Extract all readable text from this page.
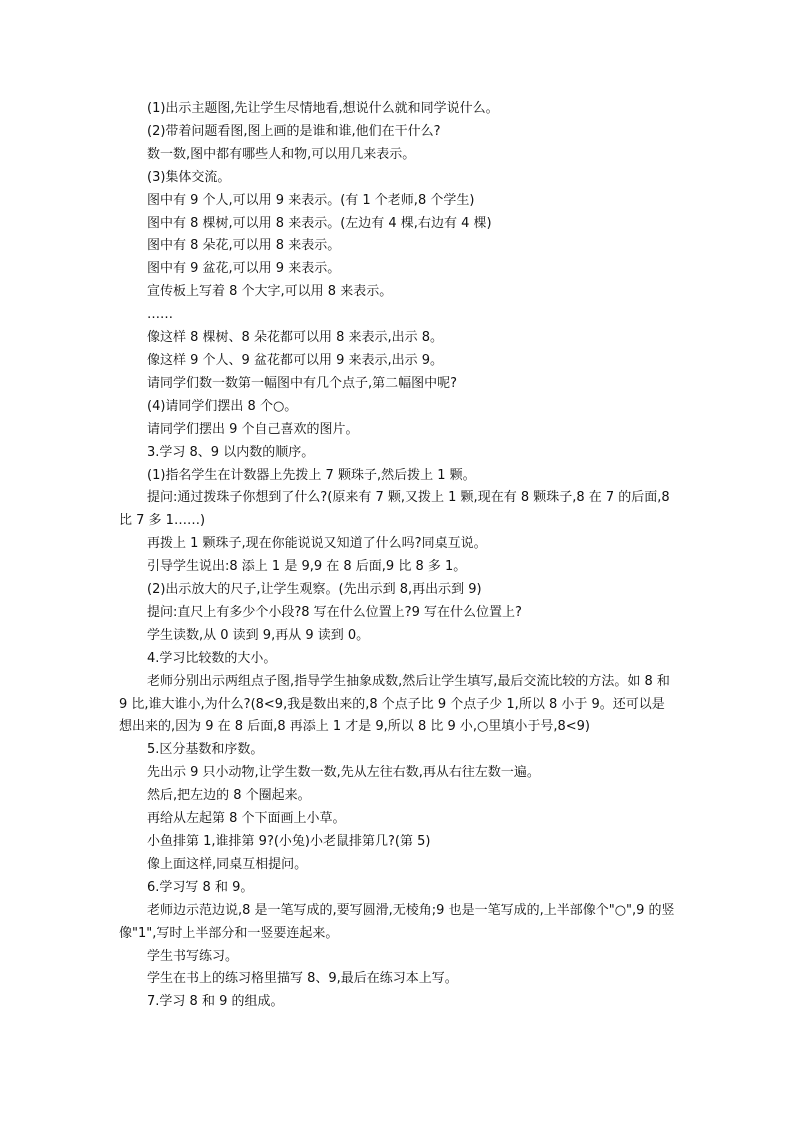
(1)出示主题图,先让学生尽情地看,想说什么就和同学说什么。
(2)带着问题看图,图上画的是谁和谁,他们在干什么?
数一数,图中都有哪些人和物,可以用几来表示。
(3)集体交流。
图中有 9 个人,可以用 9 来表示。(有 1 个老师,8 个学生)
图中有 8 棵树,可以用 8 来表示。(左边有 4 棵,右边有 4 棵)
图中有 8 朵花,可以用 8 来表示。
图中有 9 盆花,可以用 9 来表示。
宣传板上写着 8 个大字,可以用 8 来表示。
……
像这样 8 棵树、8 朵花都可以用 8 来表示,出示 8。
像这样 9 个人、9 盆花都可以用 9 来表示,出示 9。
请同学们数一数第一幅图中有几个点子,第二幅图中呢?
(4)请同学们摆出 8 个○。
请同学们摆出 9 个自己喜欢的图片。
3.学习 8、9 以内数的顺序。
(1)指名学生在计数器上先拨上 7 颗珠子,然后拨上 1 颗。
提问:通过拨珠子你想到了什么?(原来有 7 颗,又拨上 1 颗,现在有 8 颗珠子,8 在 7 的后面,8 比 7 多 1……)
再拨上 1 颗珠子,现在你能说说又知道了什么吗?同桌互说。
引导学生说出:8 添上 1 是 9,9 在 8 后面,9 比 8 多 1。
(2)出示放大的尺子,让学生观察。(先出示到 8,再出示到 9)
提问:直尺上有多少个小段?8 写在什么位置上?9 写在什么位置上?
学生读数,从 0 读到 9,再从 9 读到 0。
4.学习比较数的大小。
老师分别出示两组点子图,指导学生抽象成数,然后让学生填写,最后交流比较的方法。如 8 和 9 比,谁大谁小,为什么?(8<9,我是数出来的,8 个点子比 9 个点子少 1,所以 8 小于 9。还可以是想出来的,因为 9 在 8 后面,8 再添上 1 才是 9,所以 8 比 9 小,○里填小于号,8<9)
5.区分基数和序数。
先出示 9 只小动物,让学生数一数,先从左往右数,再从右往左数一遍。
然后,把左边的 8 个圈起来。
再给从左起第 8 个下面画上小草。
小鱼排第 1,谁排第 9?(小兔)小老鼠排第几?(第 5)
像上面这样,同桌互相提问。
6.学习写 8 和 9。
老师边示范边说,8 是一笔写成的,要写圆滑,无棱角;9 也是一笔写成的,上半部像个"○",9 的竖像"1",写时上半部分和一竖要连起来。
学生书写练习。
学生在书上的练习格里描写 8、9,最后在练习本上写。
7.学习 8 和 9 的组成。
